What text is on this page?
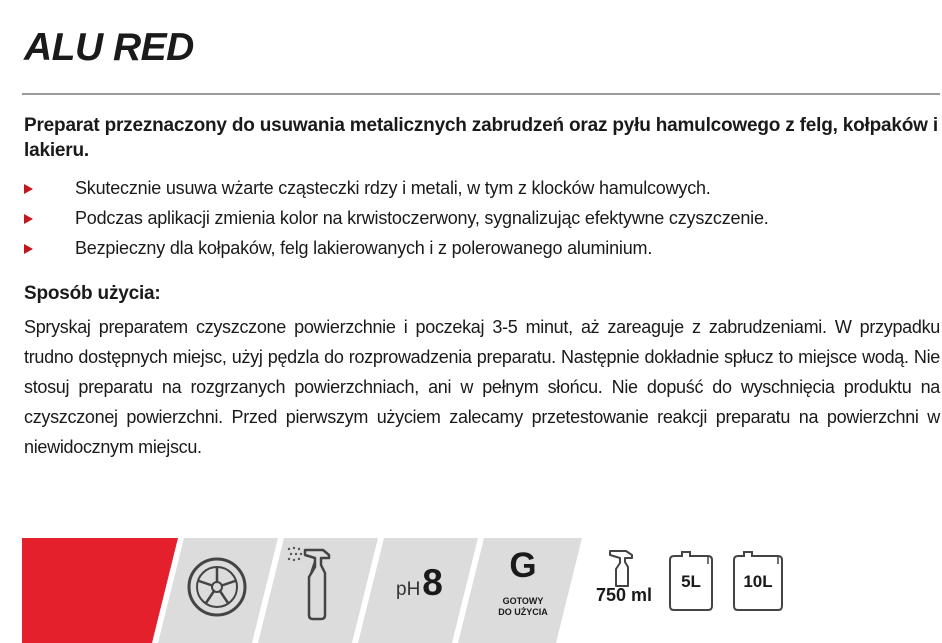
ALU RED

Preparat przeznaczony do usuwania metalicznych zabrudzeń oraz pyłu hamulcowego z felg, kołpaków i lakieru.

Skutecznie usuwa wżarte cząsteczki rdzy i metali, w tym z klocków hamulcowych.
Podczas aplikacji zmienia kolor na krwistoczerwony, sygnalizując efektywne czyszczenie.
Bezpieczny dla kołpaków, felg lakierowanych i z polerowanego aluminium.
Sposób użycia:

Spryskaj preparatem czyszczone powierzchnie i poczekaj 3-5 minut, aż zareaguje z zabrudzeniami. W przypadku trudno dostępnych miejsc, użyj pędzla do rozprowadzenia preparatu. Następnie dokładnie spłucz to miejsce wodą. Nie stosuj preparatu na rozgrzanych powierzchniach, ani w pełnym słońcu. Nie dopuść do wyschnięcia produktu na czyszczonej powierzchni. Przed pierwszym użyciem zalecamy przetestowanie reakcji preparatu na powierzchni w niewidocznym miejscu.

pH 8	G
GOTOWY
DO UŻYCIA
750 ml
5L	10L
